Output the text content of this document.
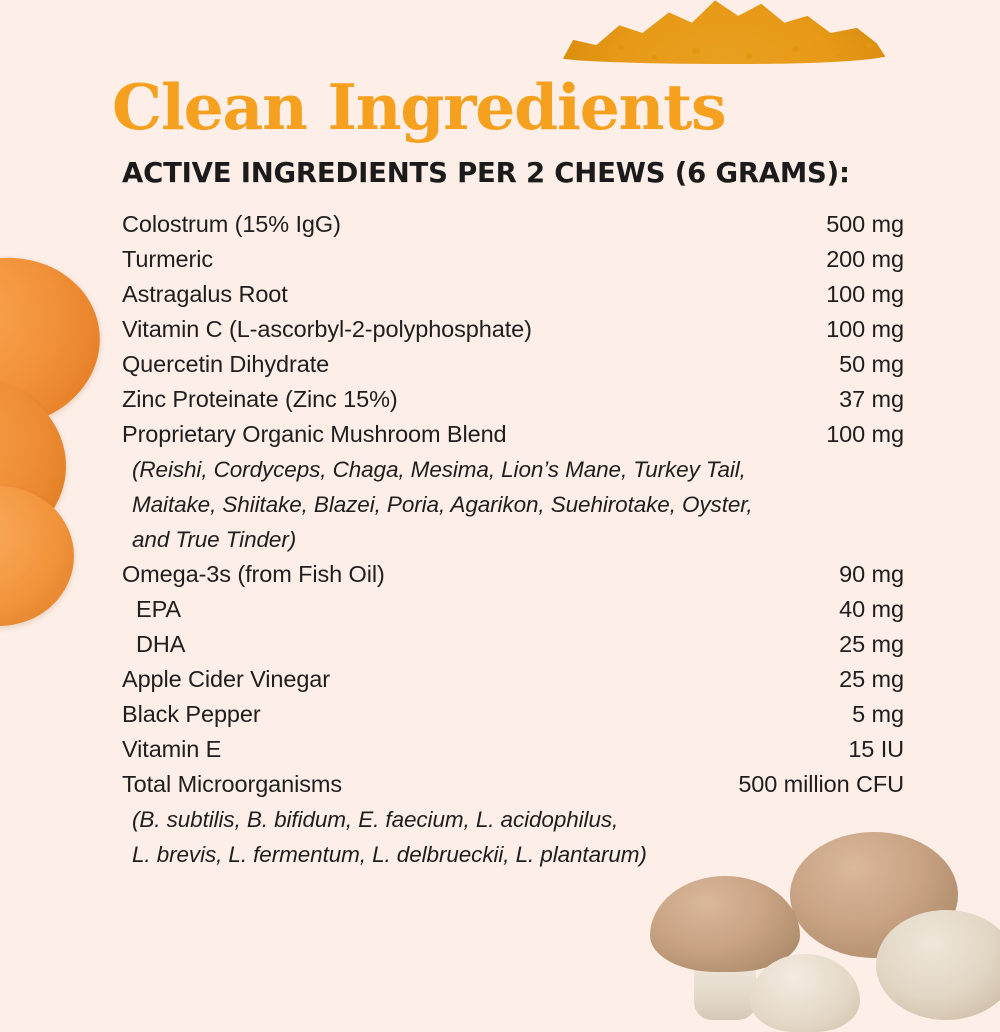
Clean Ingredients
ACTIVE INGREDIENTS PER 2 CHEWS (6 GRAMS):
Colostrum (15% IgG)	500 mg
Turmeric	200 mg
Astragalus Root	100 mg
Vitamin C (L-ascorbyl-2-polyphosphate)	100 mg
Quercetin Dihydrate	50 mg
Zinc Proteinate (Zinc 15%)	37 mg
Proprietary Organic Mushroom Blend	100 mg
(Reishi, Cordyceps, Chaga, Mesima, Lion’s Mane, Turkey Tail,
Maitake, Shiitake, Blazei, Poria, Agarikon, Suehirotake, Oyster,
and True Tinder)
Omega-3s (from Fish Oil)	90 mg
EPA	40 mg
DHA	25 mg
Apple Cider Vinegar	25 mg
Black Pepper	5 mg
Vitamin E	15 IU
Total Microorganisms	500 million CFU
(B. subtilis, B. bifidum, E. faecium, L. acidophilus,
L. brevis, L. fermentum, L. delbrueckii, L. plantarum)
